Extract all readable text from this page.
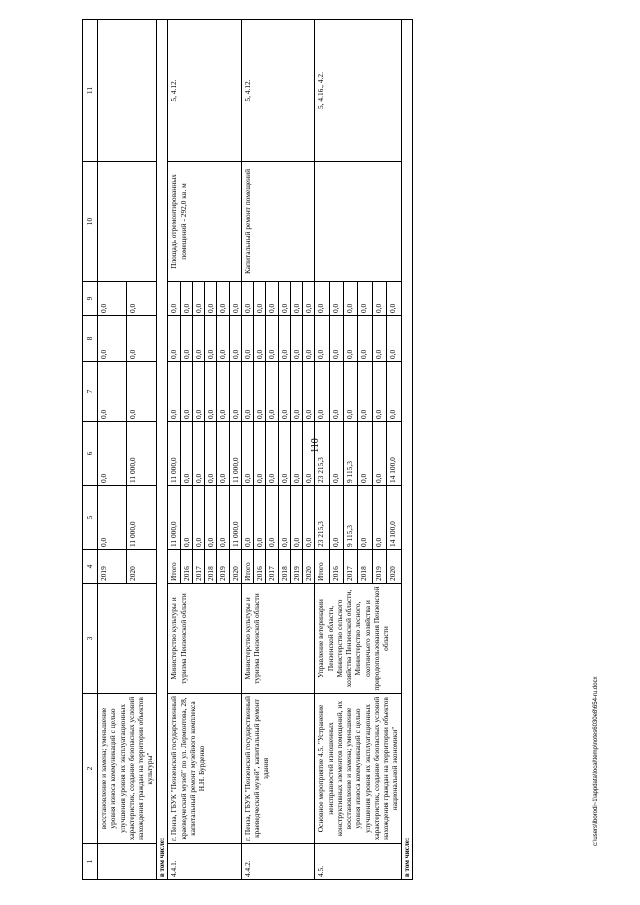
110
c:\users\lborodi~1\appdata\local\temp\notes6030e8\654-ru.docx
1	2	3	4	5	6	7	8	9	10	11
	восстановление и замена; уменьшение уровня износа коммуникаций с целью улучшения уровня их эксплуатационных характеристик, создание безопасных условий нахождения граждан на территории объектов культуры"		2019	0,0	0,0	0,0	0,0	0,0		
			2020	11 000,0	11 000,0	0,0	0,0	0,0		
в том числе:										
4.4.1.	г. Пенза, ГБУК "Пензенский государственный краеведческий музей" по ул. Лермонтова, 28, капитальный ремонт музейного комплекса Н.Н. Бурденко	Министерство культуры и туризма Пензенской области	Итого	11 000,0	11 000,0	0,0	0,0	0,0	Площадь отремонтированных помещений - 292,0 кв. м	5, 4.12.
			2016	0,0	0,0	0,0	0,0	0,0		
			2017	0,0	0,0	0,0	0,0	0,0		
			2018	0,0	0,0	0,0	0,0	0,0		
			2019	0,0	0,0	0,0	0,0	0,0		
			2020	11 000,0	11 000,0	0,0	0,0	0,0		
4.4.2.	г. Пенза, ГБУК "Пензенский государственный краеведческий музей", капитальный ремонт здания	Министерство культуры и туризма Пензенской области	Итого	0,0	0,0	0,0	0,0	0,0	Капитальный ремонт помещений	5, 4.12.
			2016	0,0	0,0	0,0	0,0	0,0		
			2017	0,0	0,0	0,0	0,0	0,0		
			2018	0,0	0,0	0,0	0,0	0,0		
			2019	0,0	0,0	0,0	0,0	0,0		
			2020	0,0	0,0	0,0	0,0	0,0		
4.5.	Основное мероприятие 4.5. "Устранение неисправностей изношенных конструктивных элементов помещений, их восстановление и замена; уменьшение уровня износа коммуникаций с целью улучшения уровня их эксплуатационных характеристик, создание безопасных условий нахождения граждан на территории объектов национальной экономики"	Управление ветеринарии Пензенской области, Министерство сельского хозяйства Пензенской области, Министерство лесного, охотничьего хозяйства и природопользования Пензенской области	Итого	23 215,3	23 215,3	0,0	0,0	0,0		5, 4.16., 4.2.
			2016	0,0	0,0	0,0	0,0	0,0		
			2017	9 115,3	9 115,3	0,0	0,0	0,0		
			2018	0,0	0,0	0,0	0,0	0,0		
			2019	0,0	0,0	0,0	0,0	0,0		
			2020	14 100,0	14 100,0	0,0	0,0	0,0		
в том числе:										
